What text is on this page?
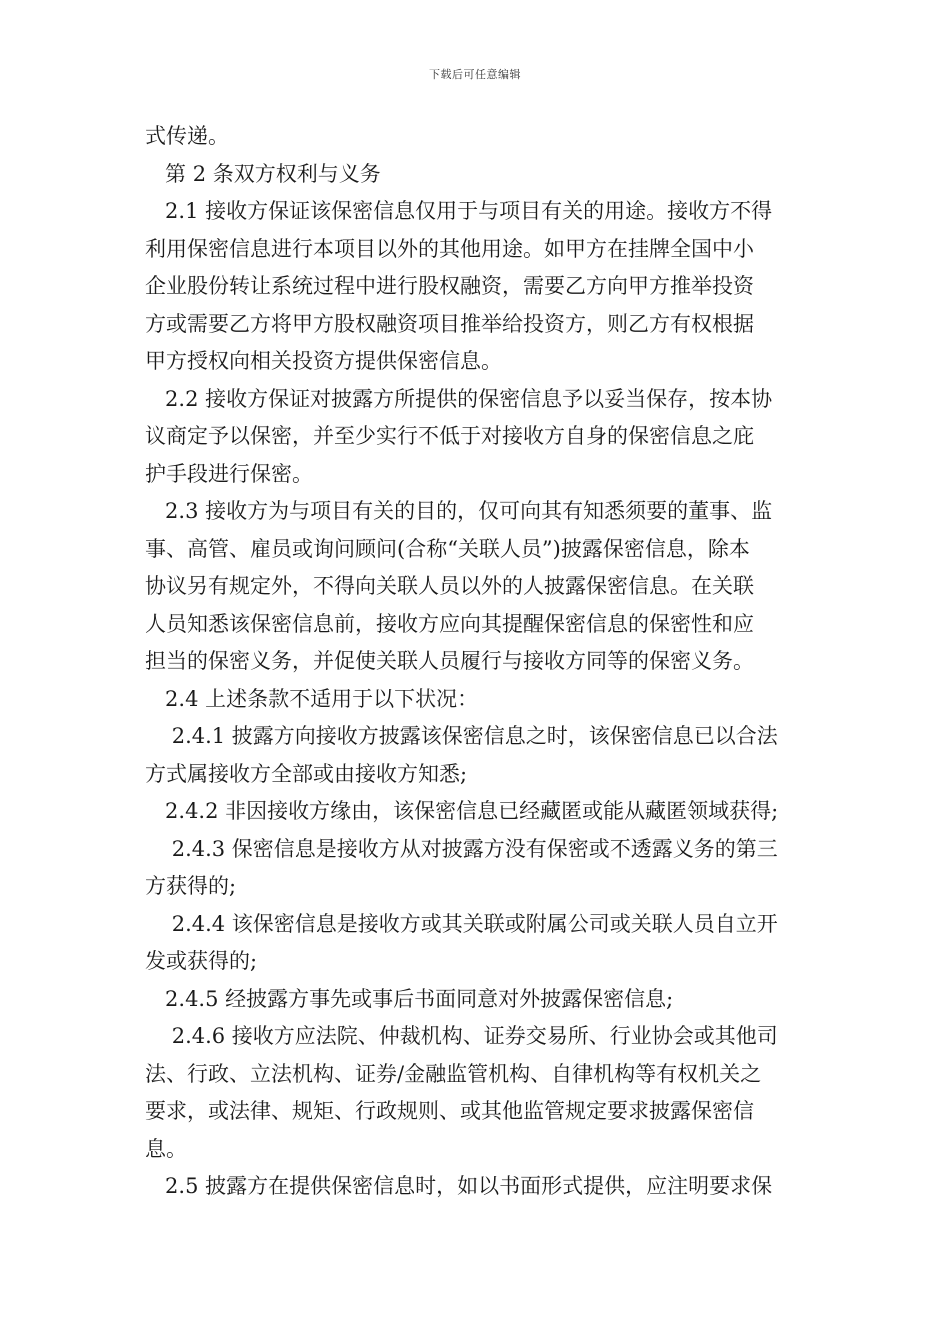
下载后可任意编辑
式传递。
第 2 条双方权利与义务
2.1 接收方保证该保密信息仅用于与项目有关的用途。接收方不得
利用保密信息进行本项目以外的其他用途。如甲方在挂牌全国中小
企业股份转让系统过程中进行股权融资，需要乙方向甲方推举投资
方或需要乙方将甲方股权融资项目推举给投资方，则乙方有权根据
甲方授权向相关投资方提供保密信息。
2.2 接收方保证对披露方所提供的保密信息予以妥当保存，按本协
议商定予以保密，并至少实行不低于对接收方自身的保密信息之庇
护手段进行保密。
2.3 接收方为与项目有关的目的，仅可向其有知悉须要的董事、监
事、高管、雇员或询问顾问(合称“关联人员”)披露保密信息，除本
协议另有规定外，不得向关联人员以外的人披露保密信息。在关联
人员知悉该保密信息前，接收方应向其提醒保密信息的保密性和应
担当的保密义务，并促使关联人员履行与接收方同等的保密义务。
2.4 上述条款不适用于以下状况：
2.4.1 披露方向接收方披露该保密信息之时，该保密信息已以合法
方式属接收方全部或由接收方知悉;
2.4.2 非因接收方缘由，该保密信息已经藏匿或能从藏匿领域获得;
2.4.3 保密信息是接收方从对披露方没有保密或不透露义务的第三
方获得的;
2.4.4 该保密信息是接收方或其关联或附属公司或关联人员自立开
发或获得的;
2.4.5 经披露方事先或事后书面同意对外披露保密信息;
2.4.6 接收方应法院、仲裁机构、证券交易所、行业协会或其他司
法、行政、立法机构、证券/金融监管机构、自律机构等有权机关之
要求，或法律、规矩、行政规则、或其他监管规定要求披露保密信
息。
2.5 披露方在提供保密信息时，如以书面形式提供，应注明要求保
